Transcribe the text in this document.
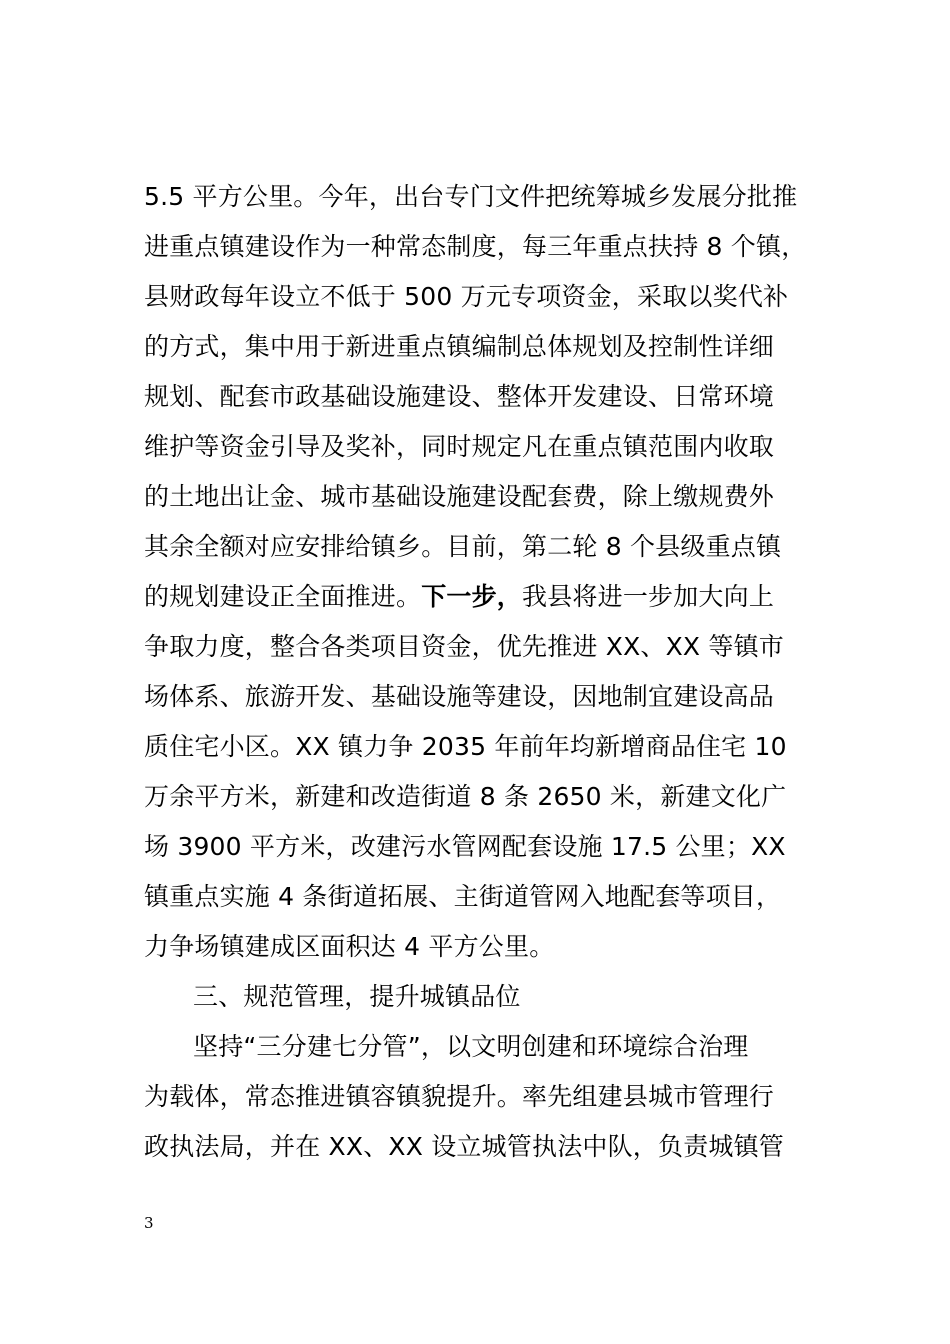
5.5 平方公里。今年，出台专门文件把统筹城乡发展分批推
进重点镇建设作为一种常态制度，每三年重点扶持 8 个镇，
县财政每年设立不低于 500 万元专项资金，采取以奖代补
的方式，集中用于新进重点镇编制总体规划及控制性详细
规划、配套市政基础设施建设、整体开发建设、日常环境
维护等资金引导及奖补，同时规定凡在重点镇范围内收取
的土地出让金、城市基础设施建设配套费，除上缴规费外
其余全额对应安排给镇乡。目前，第二轮 8 个县级重点镇
的规划建设正全面推进。下一步，我县将进一步加大向上
争取力度，整合各类项目资金，优先推进 XX、XX 等镇市
场体系、旅游开发、基础设施等建设，因地制宜建设高品
质住宅小区。XX 镇力争 2035 年前年均新增商品住宅 10
万余平方米，新建和改造街道 8 条 2650 米，新建文化广
场 3900 平方米，改建污水管网配套设施 17.5 公里；XX
镇重点实施 4 条街道拓展、主街道管网入地配套等项目，
力争场镇建成区面积达 4 平方公里。
三、规范管理，提升城镇品位
坚持“三分建七分管”，以文明创建和环境综合治理
为载体，常态推进镇容镇貌提升。率先组建县城市管理行
政执法局，并在 XX、XX 设立城管执法中队，负责城镇管
3
